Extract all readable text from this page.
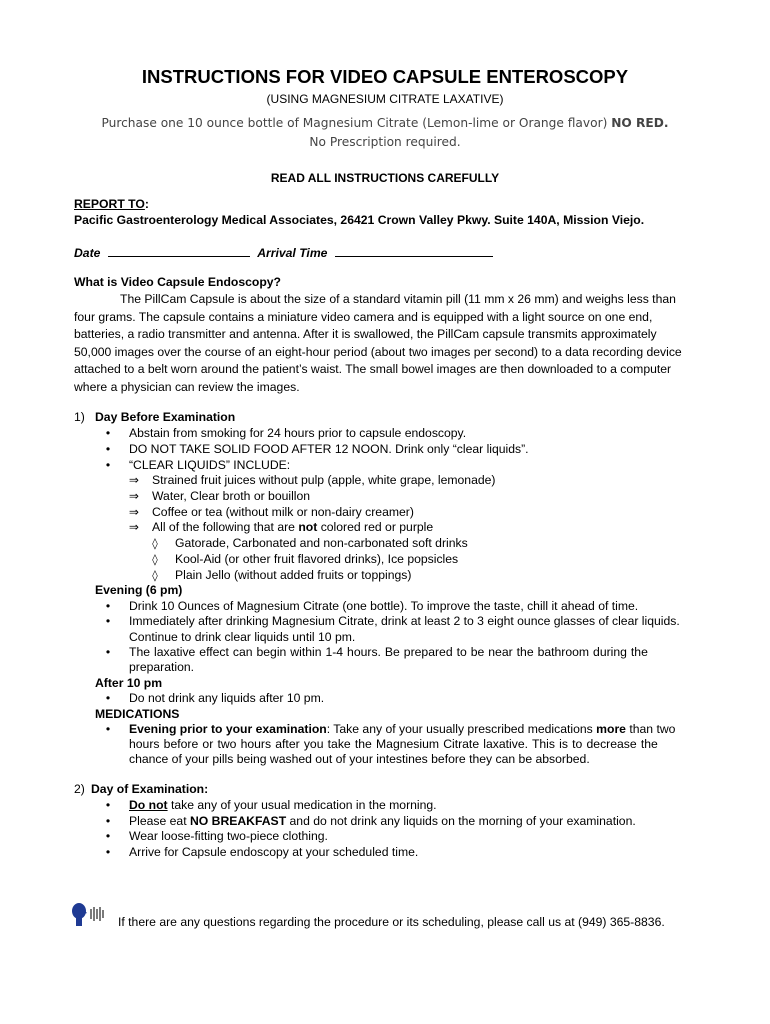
INSTRUCTIONS FOR VIDEO CAPSULE ENTEROSCOPY
(USING MAGNESIUM CITRATE LAXATIVE)
Purchase one 10 ounce bottle of Magnesium Citrate (Lemon-lime or Orange flavor) NO RED.
No Prescription required.
READ ALL INSTRUCTIONS CAREFULLY
REPORT TO:
Pacific Gastroenterology Medical Associates, 26421 Crown Valley Pkwy. Suite 140A, Mission Viejo.
Date	Arrival Time
What is Video Capsule Endoscopy?
The PillCam Capsule is about the size of a standard vitamin pill (11 mm x 26 mm) and weighs less than
four grams. The capsule contains a miniature video camera and is equipped with a light source on one end,
batteries, a radio transmitter and antenna. After it is swallowed, the PillCam capsule transmits approximately
50,000 images over the course of an eight-hour period (about two images per second) to a data recording device
attached to a belt worn around the patient’s waist. The small bowel images are then downloaded to a computer
where a physician can review the images.
1) Day Before Examination
• Abstain from smoking for 24 hours prior to capsule endoscopy.
• DO NOT TAKE SOLID FOOD AFTER 12 NOON. Drink only “clear liquids”.
• “CLEAR LIQUIDS” INCLUDE:
⇒ Strained fruit juices without pulp (apple, white grape, lemonade)
⇒ Water, Clear broth or bouillon
⇒ Coffee or tea (without milk or non-dairy creamer)
⇒ All of the following that are not colored red or purple
◊ Gatorade, Carbonated and non-carbonated soft drinks
◊ Kool-Aid (or other fruit flavored drinks), Ice popsicles
◊ Plain Jello (without added fruits or toppings)
Evening (6 pm)
• Drink 10 Ounces of Magnesium Citrate (one bottle). To improve the taste, chill it ahead of time.
• Immediately after drinking Magnesium Citrate, drink at least 2 to 3 eight ounce glasses of clear liquids.
Continue to drink clear liquids until 10 pm.
• The laxative effect can begin within 1-4 hours. Be prepared to be near the bathroom during the
preparation.
After 10 pm
• Do not drink any liquids after 10 pm.
MEDICATIONS
• Evening prior to your examination: Take any of your usually prescribed medications more than two
hours before or two hours after you take the Magnesium Citrate laxative. This is to decrease the
chance of your pills being washed out of your intestines before they can be absorbed.
2) Day of Examination:
• Do not take any of your usual medication in the morning.
• Please eat NO BREAKFAST and do not drink any liquids on the morning of your examination.
• Wear loose-fitting two-piece clothing.
• Arrive for Capsule endoscopy at your scheduled time.
If there are any questions regarding the procedure or its scheduling, please call us at (949) 365-8836.
